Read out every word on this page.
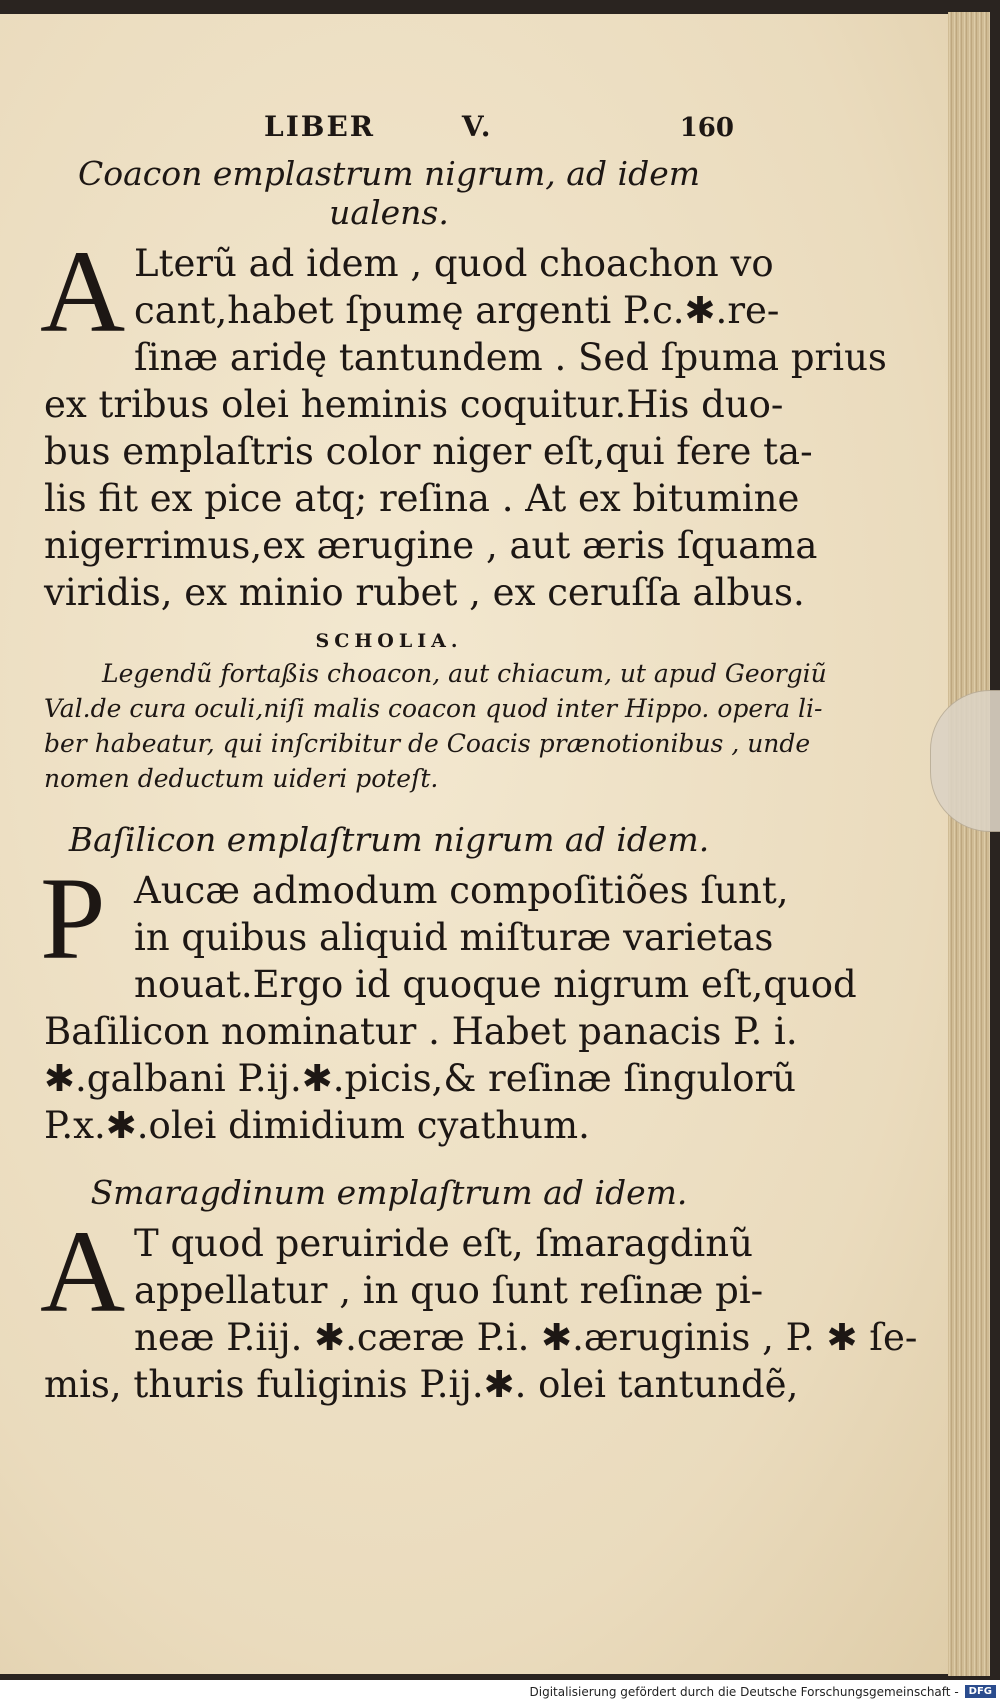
LIBER	V.	160
Coacon emplastrum nigrum, ad idem ualens.
A Lterũ ad idem , quod choachon vo
cant,habet ſpumę argenti P.c.✱.re-
ſinæ aridę tantundem . Sed ſpuma prius
ex tribus olei heminis coquitur.His duo-
bus emplaſtris color niger eſt,qui fere ta-
lis fit ex pice atq; reſina . At ex bitumine
nigerrimus,ex ærugine , aut æris ſquama
viridis, ex minio rubet , ex ceruſſa albus.
SCHOLIA.
Legendũ fortaßis choacon, aut chiacum, ut apud Georgiũ
Val.de cura oculi,niſi malis coacon quod inter Hippo. opera li-
ber habeatur, qui inſcribitur de Coacis prænotionibus , unde
nomen deductum uideri poteſt.
Baſilicon emplaſtrum nigrum ad idem.
P Aucæ admodum compoſitiões ſunt,
in quibus aliquid miſturæ varietas
nouat.Ergo id quoque nigrum eſt,quod
Baſilicon nominatur . Habet panacis P. i.
✱.galbani P.ij.✱.picis,& reſinæ ſingulorũ
P.x.✱.olei dimidium cyathum.
Smaragdinum emplaſtrum ad idem.
A T quod peruiride eſt, ſmaragdinũ
appellatur , in quo ſunt reſinæ pi-
neæ P.iij. ✱.cæræ P.i. ✱.æruginis , P. ✱ ſe-
mis, thuris fuliginis P.ij.✱. olei tantundẽ,
Digitalisierung gefördert durch die Deutsche Forschungsgemeinschaft -	DFG
